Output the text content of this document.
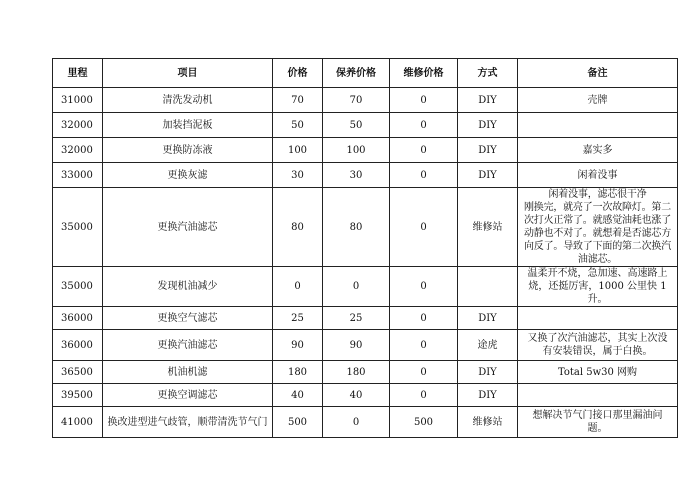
里程	项目	价格	保养价格	维修价格	方式	备注
31000	清洗发动机	70	70	0	DIY	壳牌
32000	加装挡泥板	50	50	0	DIY	
32000	更换防冻液	100	100	0	DIY	嘉实多
33000	更换灰滤	30	30	0	DIY	闲着没事
35000	更换汽油滤芯	80	80	0	维修站	闲着没事，滤芯很干净
刚换完，就亮了一次故障灯。第二次打火正常了。就感觉油耗也涨了 动静也不对了。就想着是否滤芯方向反了。导致了下面的第二次换汽油滤芯。
35000	发现机油减少	0	0	0		温柔开不烧，急加速、高速路上烧，还挺厉害，1000 公里快 1 升。
36000	更换空气滤芯	25	25	0	DIY	
36000	更换汽油滤芯	90	90	0	途虎	又换了次汽油滤芯，其实上次没有安装错误，属于白换。
36500	机油机滤	180	180	0	DIY	Total 5w30 网购
39500	更换空调滤芯	40	40	0	DIY	
41000	换改进型进气歧管，顺带清洗节气门	500	0	500	维修站	想解决节气门接口那里漏油问题。
